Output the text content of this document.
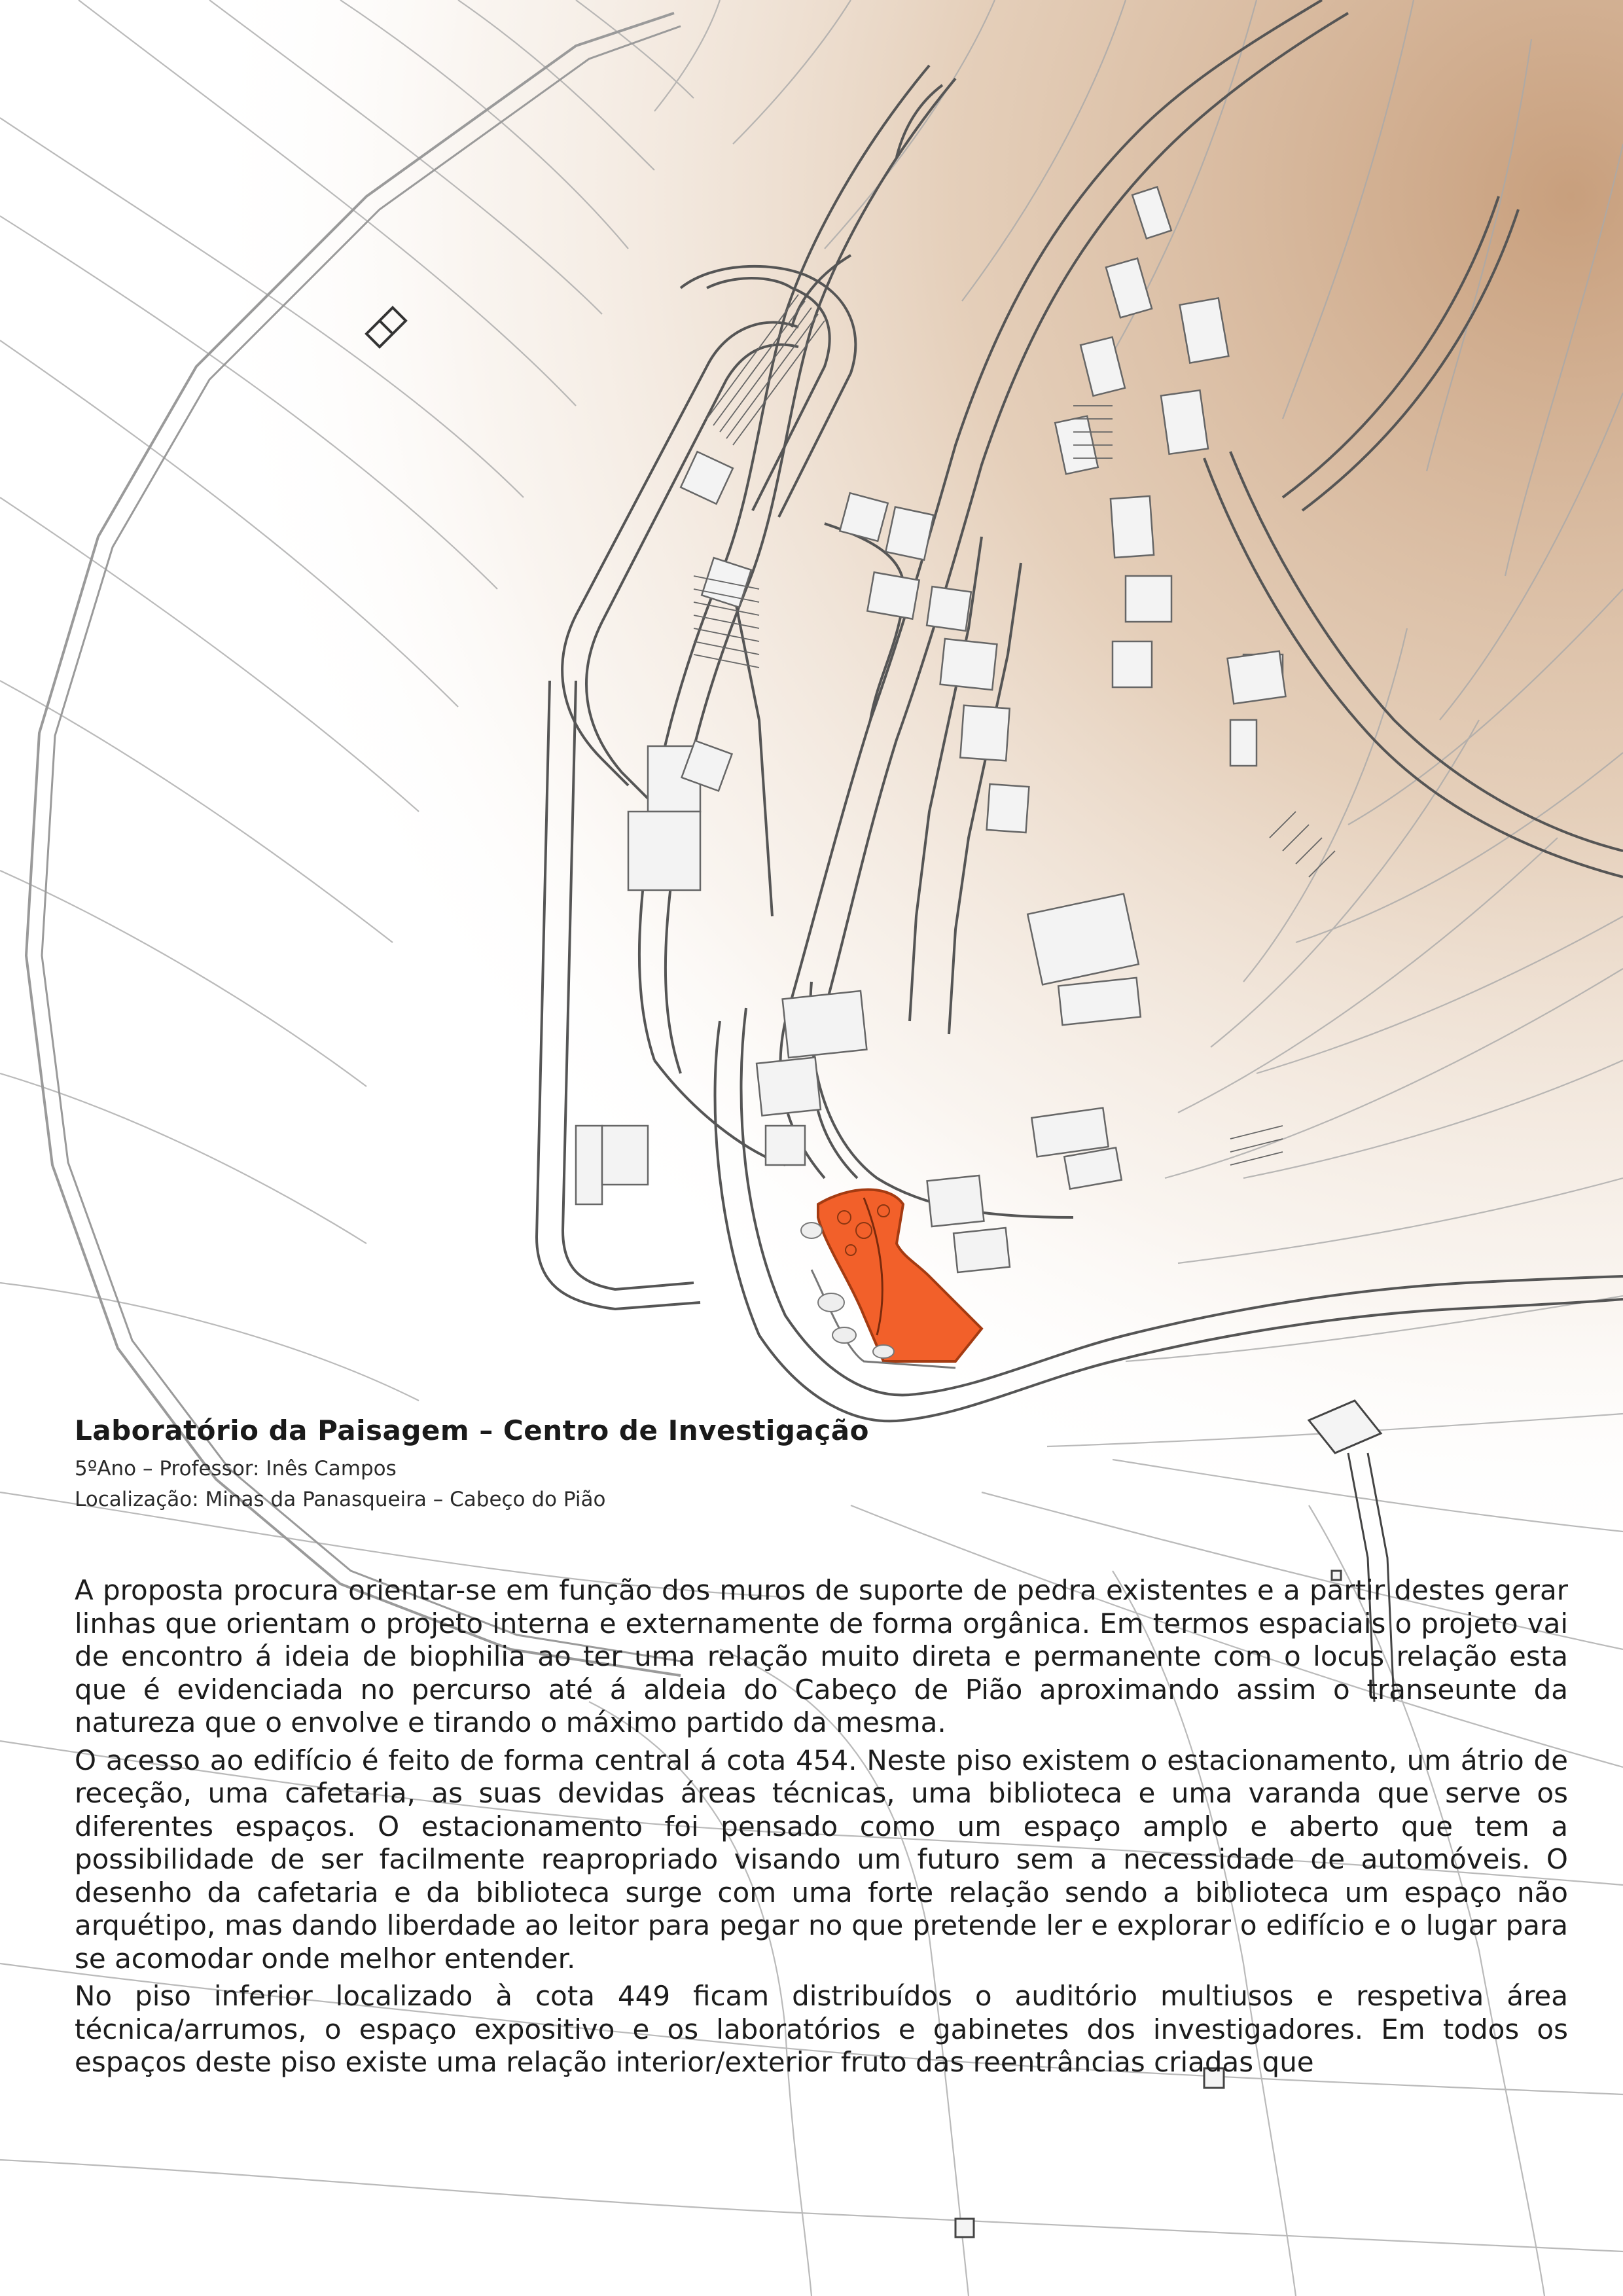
Laboratório da Paisagem – Centro de Investigação

5ºAno – Professor: Inês Campos

Localização: Minas da Panasqueira – Cabeço do Pião

A proposta procura orientar-se em função dos muros de suporte de pedra existentes e a partir destes gerar linhas que orientam o projeto interna e externamente de forma orgânica. Em termos espaciais o projeto vai de encontro á ideia de biophilia ao ter uma relação muito direta e permanente com o locus relação esta que é evidenciada no percurso até á aldeia do Cabeço de Pião aproximando assim o transeunte da natureza que o envolve e tirando o máximo partido da mesma.

O acesso ao edifício é feito de forma central á cota 454. Neste piso existem o estacionamento, um átrio de receção, uma cafetaria, as suas devidas áreas técnicas, uma biblioteca e uma varanda que serve os diferentes espaços. O estacionamento foi pensado como um espaço amplo e aberto que tem a possibilidade de ser facilmente reapropriado visando um futuro sem a necessidade de automóveis. O desenho da cafetaria e da biblioteca surge com uma forte relação sendo a biblioteca um espaço não arquétipo, mas dando liberdade ao leitor para pegar no que pretende ler e explorar o edifício e o lugar para se acomodar onde melhor entender.

No piso inferior localizado à cota 449 ficam distribuídos o auditório multiusos e respetiva área técnica/arrumos, o espaço expositivo e os laboratórios e gabinetes dos investigadores. Em todos os espaços deste piso existe uma relação interior/exterior fruto das reentrâncias criadas que
